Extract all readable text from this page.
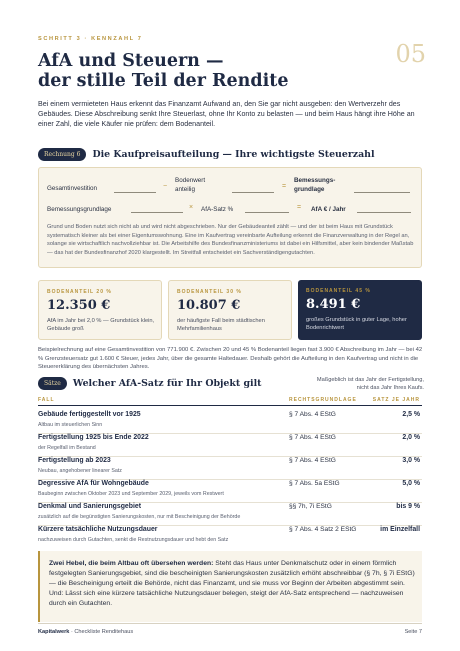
SCHRITT 3 · KENNZAHL 7
05
AfA und Steuern —
der stille Teil der Rendite
Bei einem vermieteten Haus erkennt das Finanzamt Aufwand an, den Sie gar nicht ausgeben: den Wertverzehr des Gebäudes. Diese Abschreibung senkt Ihre Steuerlast, ohne Ihr Konto zu belasten — und beim Haus hängt ihre Höhe an einer Zahl, die viele Käufer nie prüfen: dem Bodenanteil.
Rechnung 6	Die Kaufpreisaufteilung — Ihre wichtigste Steuerzahl
Gesamtinvestition	−
Bodenwert
anteilig	=
Bemessungs-
grundlage
Bemessungsgrundlage	× AfA-Satz %	= AfA € / Jahr
Grund und Boden nutzt sich nicht ab und wird nicht abgeschrieben. Nur der Gebäudeanteil zählt — und der ist beim Haus mit Grundstück systematisch kleiner als bei einer Eigentumswohnung. Eine im Kaufvertrag vereinbarte Aufteilung erkennt die Finanzverwaltung in der Regel an, solange sie wirtschaftlich nachvollziehbar ist. Die Arbeitshilfe des Bundesfinanzministeriums ist dabei ein Hilfsmittel, aber kein bindender Maßstab — das hat der Bundesfinanzhof 2020 klargestellt. Im Streitfall entscheidet ein Sachverständigengutachten.
BODENANTEIL 20 %
12.350 €
AfA im Jahr bei 2,0 % — Grundstück klein, Gebäude groß
BODENANTEIL 30 %
10.807 €
der häufigste Fall beim städtischen Mehrfamilienhaus
BODENANTEIL 45 %
8.491 €
großes Grundstück in guter Lage, hoher Bodenrichtwert
Beispielrechnung auf eine Gesamtinvestition von 771.900 €. Zwischen 20 und 45 % Bodenanteil liegen fast 3.900 € Abschreibung im Jahr — bei 42 % Grenzsteuersatz gut 1.600 € Steuer, jedes Jahr, über die gesamte Haltedauer. Deshalb gehört die Aufteilung in den Kaufvertrag und nicht in die Steuererklärung des übernächsten Jahres.
Sätze	Welcher AfA-Satz für Ihr Objekt gilt	Maßgeblich ist das Jahr der Fertigstellung, nicht das Jahr Ihres Kaufs.
FALL	RECHTSGRUNDLAGE	SATZ JE JAHR
Gebäude fertiggestellt vor 1925
Altbau im steuerlichen Sinn
§ 7 Abs. 4 EStG	2,5 %
Fertigstellung 1925 bis Ende 2022
der Regelfall im Bestand
§ 7 Abs. 4 EStG	2,0 %
Fertigstellung ab 2023
Neubau, angehobener linearer Satz
§ 7 Abs. 4 EStG	3,0 %
Degressive AfA für Wohngebäude
Baubeginn zwischen Oktober 2023 und September 2029, jeweils vom Restwert
§ 7 Abs. 5a EStG	5,0 %
Denkmal und Sanierungsgebiet
zusätzlich auf die begünstigten Sanierungskosten, nur mit Bescheinigung der Behörde
§§ 7h, 7i EStG	bis 9 %
Kürzere tatsächliche Nutzungsdauer
nachzuweisen durch Gutachten, senkt die Restnutzungsdauer und hebt den Satz
§ 7 Abs. 4 Satz 2 EStG	im Einzelfall
Zwei Hebel, die beim Altbau oft übersehen werden: Steht das Haus unter Denkmalschutz oder in einem förmlich festgelegten Sanierungsgebiet, sind die bescheinigten Sanierungskosten zusätzlich erhöht abschreibbar (§ 7h, § 7i EStG) — die Bescheinigung erteilt die Behörde, nicht das Finanzamt, und sie muss vor Beginn der Arbeiten abgestimmt sein. Und: Lässt sich eine kürzere tatsächliche Nutzungsdauer belegen, steigt der AfA-Satz entsprechend — nachzuweisen durch ein Gutachten.
Kapitalwerk · Checkliste Renditehaus	Seite 7
